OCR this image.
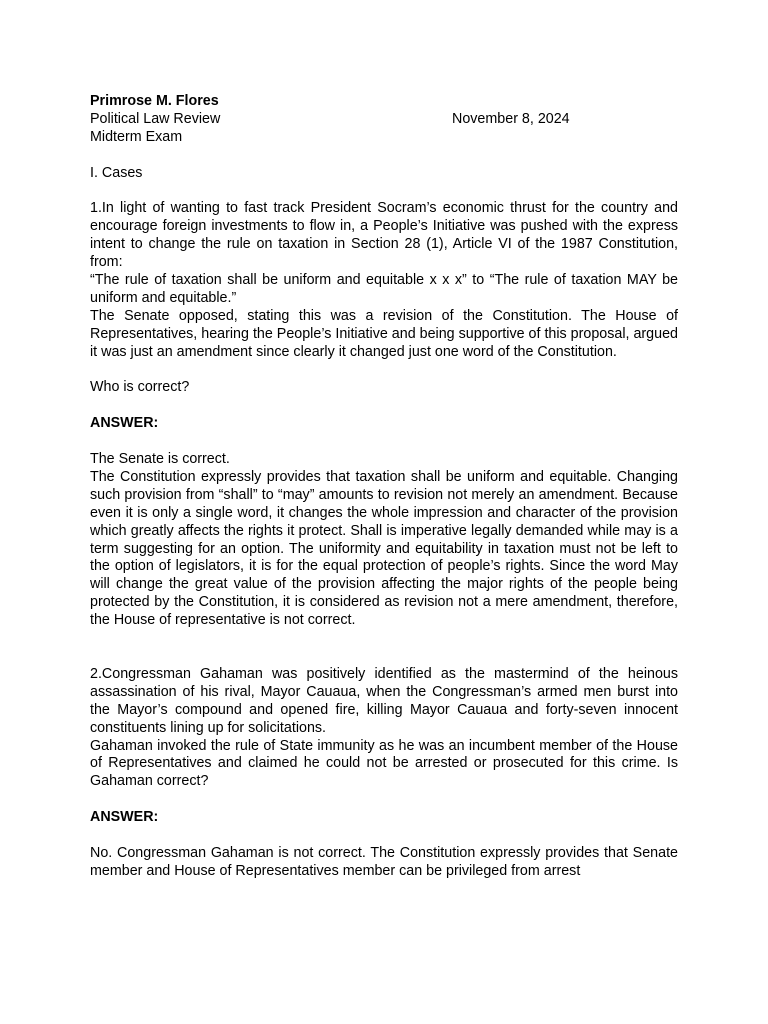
Primrose M. Flores

Political Law Review	November 8, 2024

Midterm Exam

I. Cases

1.In light of wanting to fast track President Socram’s economic thrust for the country and encourage foreign investments to flow in, a People’s Initiative was pushed with the express intent to change the rule on taxation in Section 28 (1), Article VI of the 1987 Constitution, from:

“The rule of taxation shall be uniform and equitable x x x” to “The rule of taxation MAY be uniform and equitable.”

The Senate opposed, stating this was a revision of the Constitution. The House of Representatives, hearing the People’s Initiative and being supportive of this proposal, argued it was just an amendment since clearly it changed just one word of the Constitution.

Who is correct?

ANSWER:

The Senate is correct.

The Constitution expressly provides that taxation shall be uniform and equitable. Changing such provision from “shall” to “may” amounts to revision not merely an amendment. Because even it is only a single word, it changes the whole impression and character of the provision which greatly affects the rights it protect. Shall is imperative legally demanded while may is a term suggesting for an option. The uniformity and equitability in taxation must not be left to the option of legislators, it is for the equal protection of people’s rights. Since the word May will change the great value of the provision affecting the major rights of the people being protected by the Constitution, it is considered as revision not a mere amendment, therefore, the House of representative is not correct.

2.Congressman Gahaman was positively identified as the mastermind of the heinous assassination of his rival, Mayor Cauaua, when the Congressman’s armed men burst into the Mayor’s compound and opened fire, killing Mayor Cauaua and forty-seven innocent constituents lining up for solicitations.

Gahaman invoked the rule of State immunity as he was an incumbent member of the House of Representatives and claimed he could not be arrested or prosecuted for this crime. Is Gahaman correct?

ANSWER:

No. Congressman Gahaman is not correct. The Constitution expressly provides that Senate member and House of Representatives member can be privileged from arrest
